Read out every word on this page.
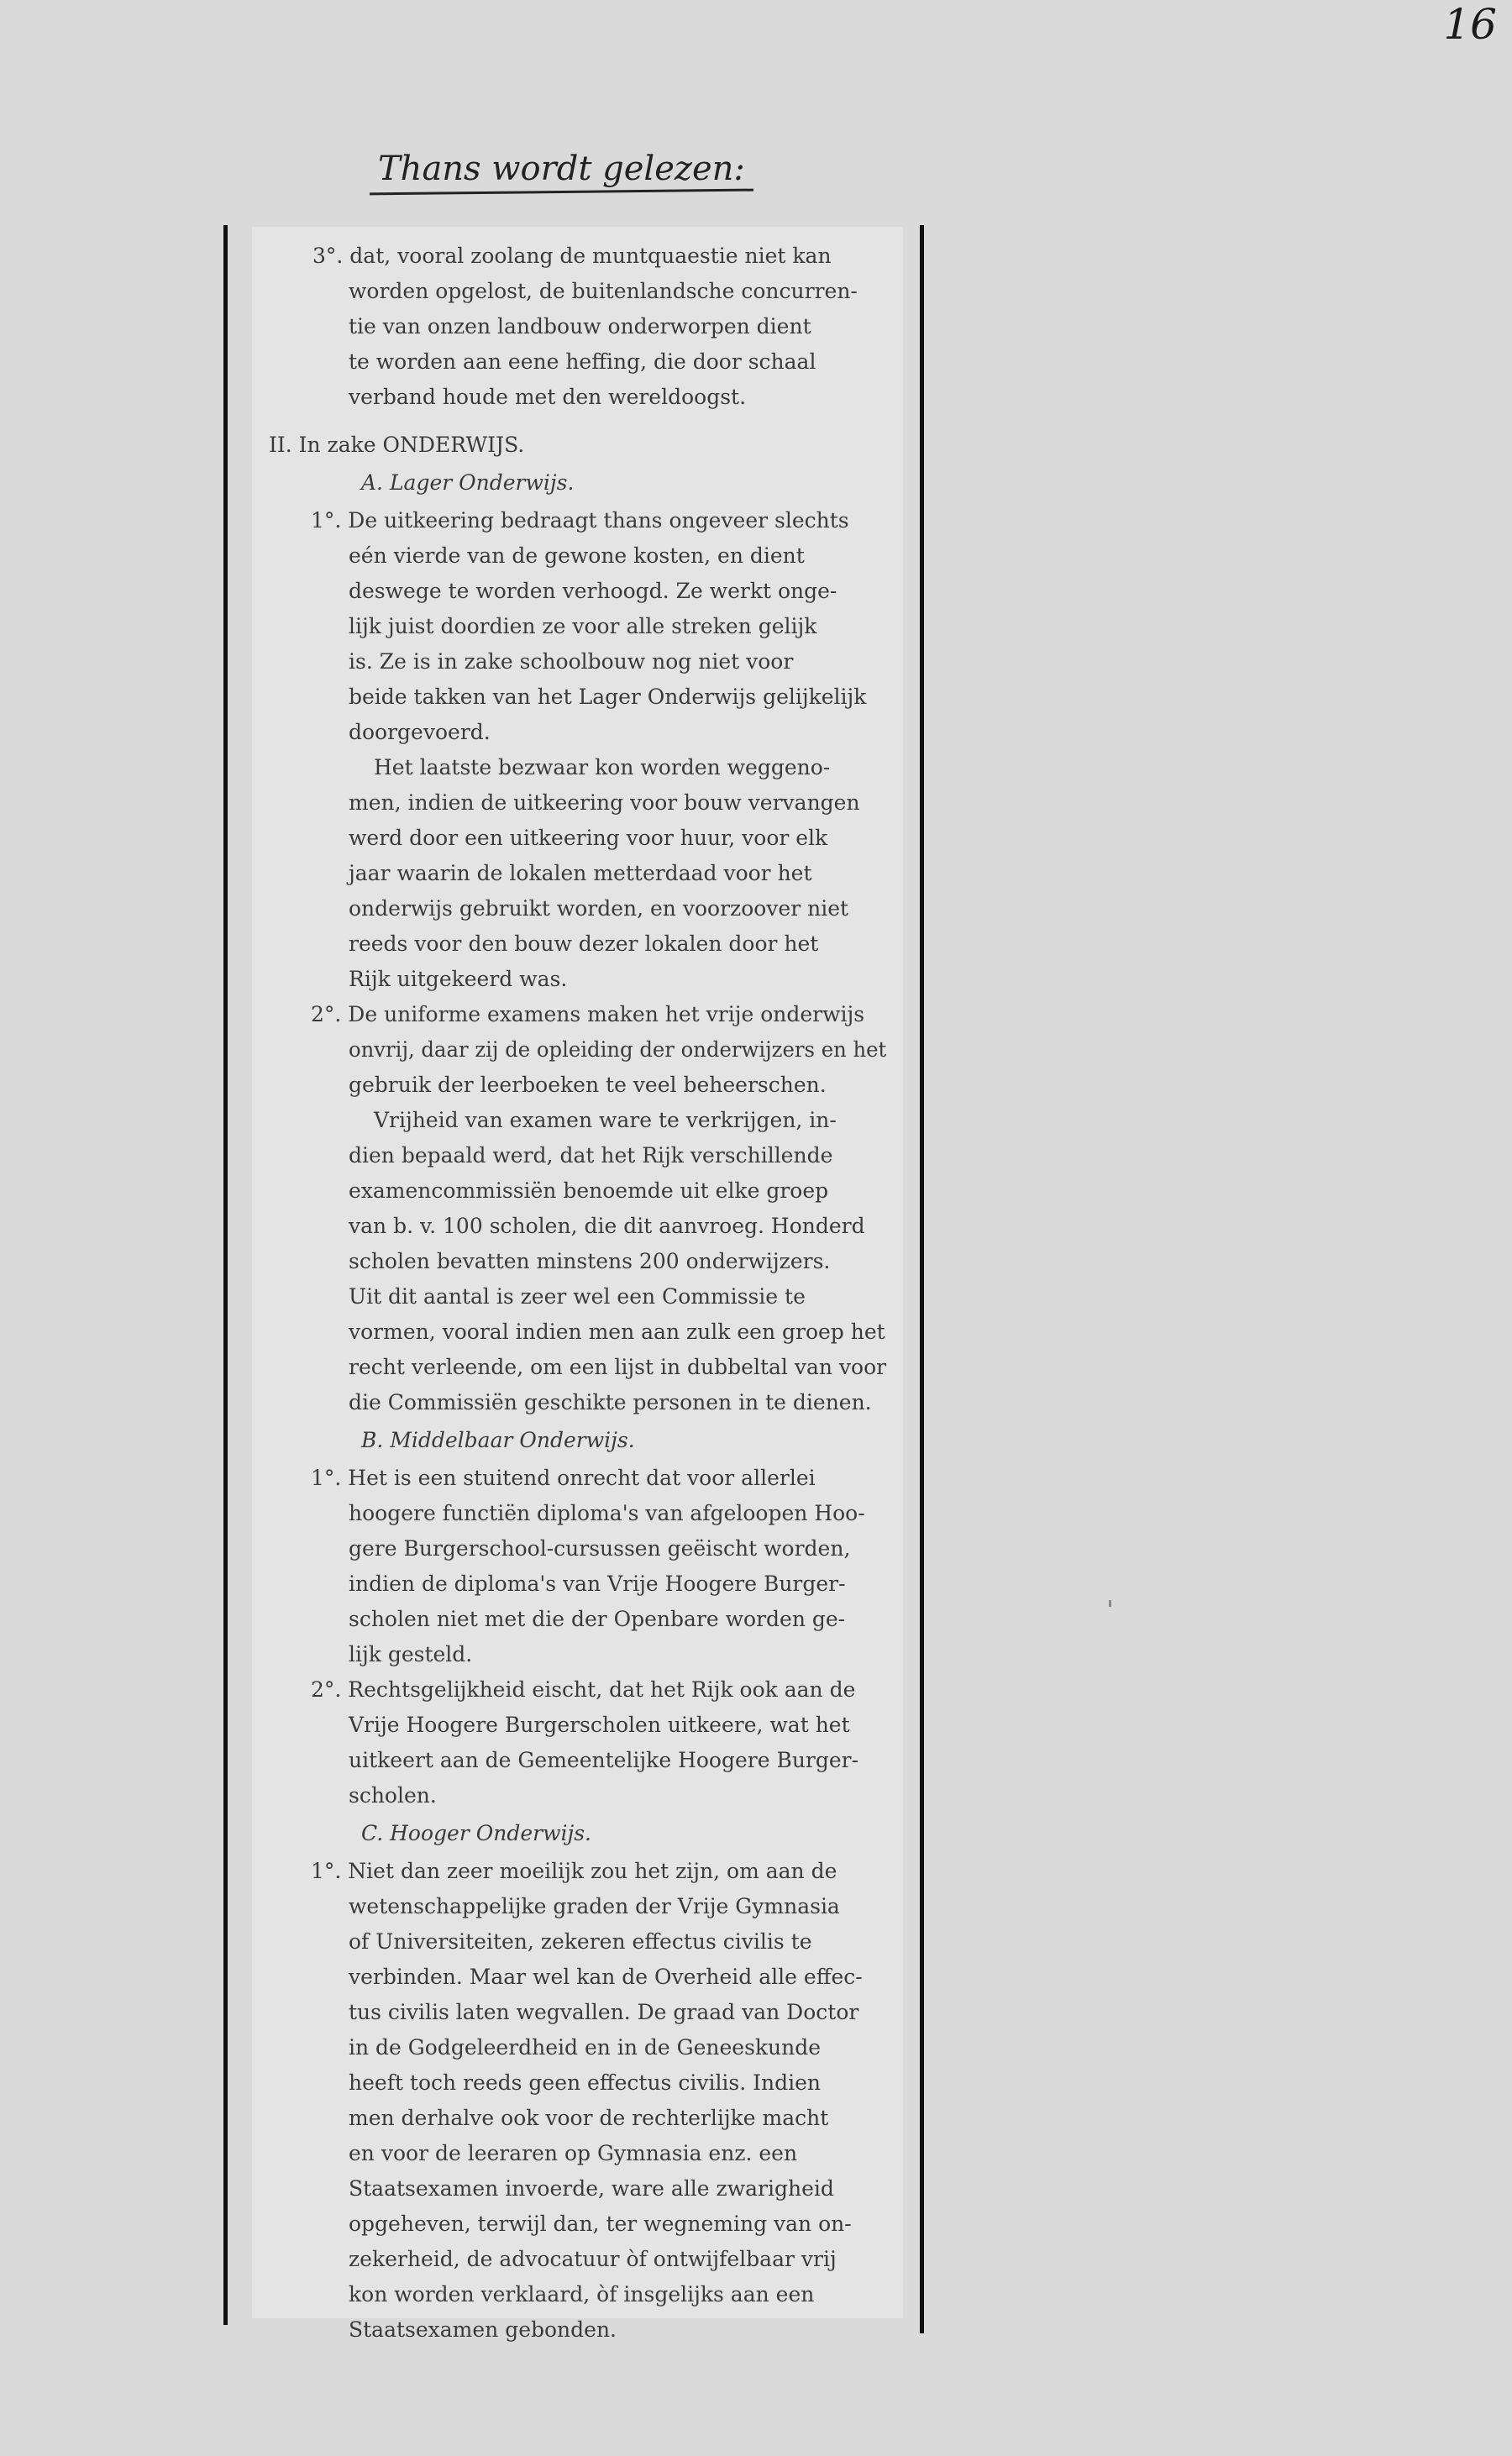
16
Thans wordt gelezen:

3°. dat, vooral zoolang de muntquaestie niet kan

worden opgelost, de buitenlandsche concurren-

tie van onzen landbouw onderworpen dient

te worden aan eene heffing, die door schaal

verband houde met den wereldoogst.

II. In zake ONDERWIJS.

A. Lager Onderwijs.

1°. De uitkeering bedraagt thans ongeveer slechts

eén vierde van de gewone kosten, en dient

deswege te worden verhoogd. Ze werkt onge-

lijk juist doordien ze voor alle streken gelijk

is. Ze is in zake schoolbouw nog niet voor

beide takken van het Lager Onderwijs gelijkelijk

doorgevoerd.

Het laatste bezwaar kon worden weggeno-

men, indien de uitkeering voor bouw vervangen

werd door een uitkeering voor huur, voor elk

jaar waarin de lokalen metterdaad voor het

onderwijs gebruikt worden, en voorzoover niet

reeds voor den bouw dezer lokalen door het

Rijk uitgekeerd was.

2°. De uniforme examens maken het vrije onderwijs

onvrij, daar zij de opleiding der onderwijzers en het

gebruik der leerboeken te veel beheerschen.

Vrijheid van examen ware te verkrijgen, in-

dien bepaald werd, dat het Rijk verschillende

examencommissiën benoemde uit elke groep

van b. v. 100 scholen, die dit aanvroeg. Honderd

scholen bevatten minstens 200 onderwijzers.

Uit dit aantal is zeer wel een Commissie te

vormen, vooral indien men aan zulk een groep het

recht verleende, om een lijst in dubbeltal van voor

die Commissiën geschikte personen in te dienen.

B. Middelbaar Onderwijs.

1°. Het is een stuitend onrecht dat voor allerlei

hoogere functiën diploma's van afgeloopen Hoo-

gere Burgerschool-cursussen geëischt worden,

indien de diploma's van Vrije Hoogere Burger-

scholen niet met die der Openbare worden ge-

lijk gesteld.

2°. Rechtsgelijkheid eischt, dat het Rijk ook aan de

Vrije Hoogere Burgerscholen uitkeere, wat het

uitkeert aan de Gemeentelijke Hoogere Burger-

scholen.

C. Hooger Onderwijs.

1°. Niet dan zeer moeilijk zou het zijn, om aan de

wetenschappelijke graden der Vrije Gymnasia

of Universiteiten, zekeren effectus civilis te

verbinden. Maar wel kan de Overheid alle effec-

tus civilis laten wegvallen. De graad van Doctor

in de Godgeleerdheid en in de Geneeskunde

heeft toch reeds geen effectus civilis. Indien

men derhalve ook voor de rechterlijke macht

en voor de leeraren op Gymnasia enz. een

Staatsexamen invoerde, ware alle zwarigheid

opgeheven, terwijl dan, ter wegneming van on-

zekerheid, de advocatuur òf ontwijfelbaar vrij

kon worden verklaard, òf insgelijks aan een

Staatsexamen gebonden.
